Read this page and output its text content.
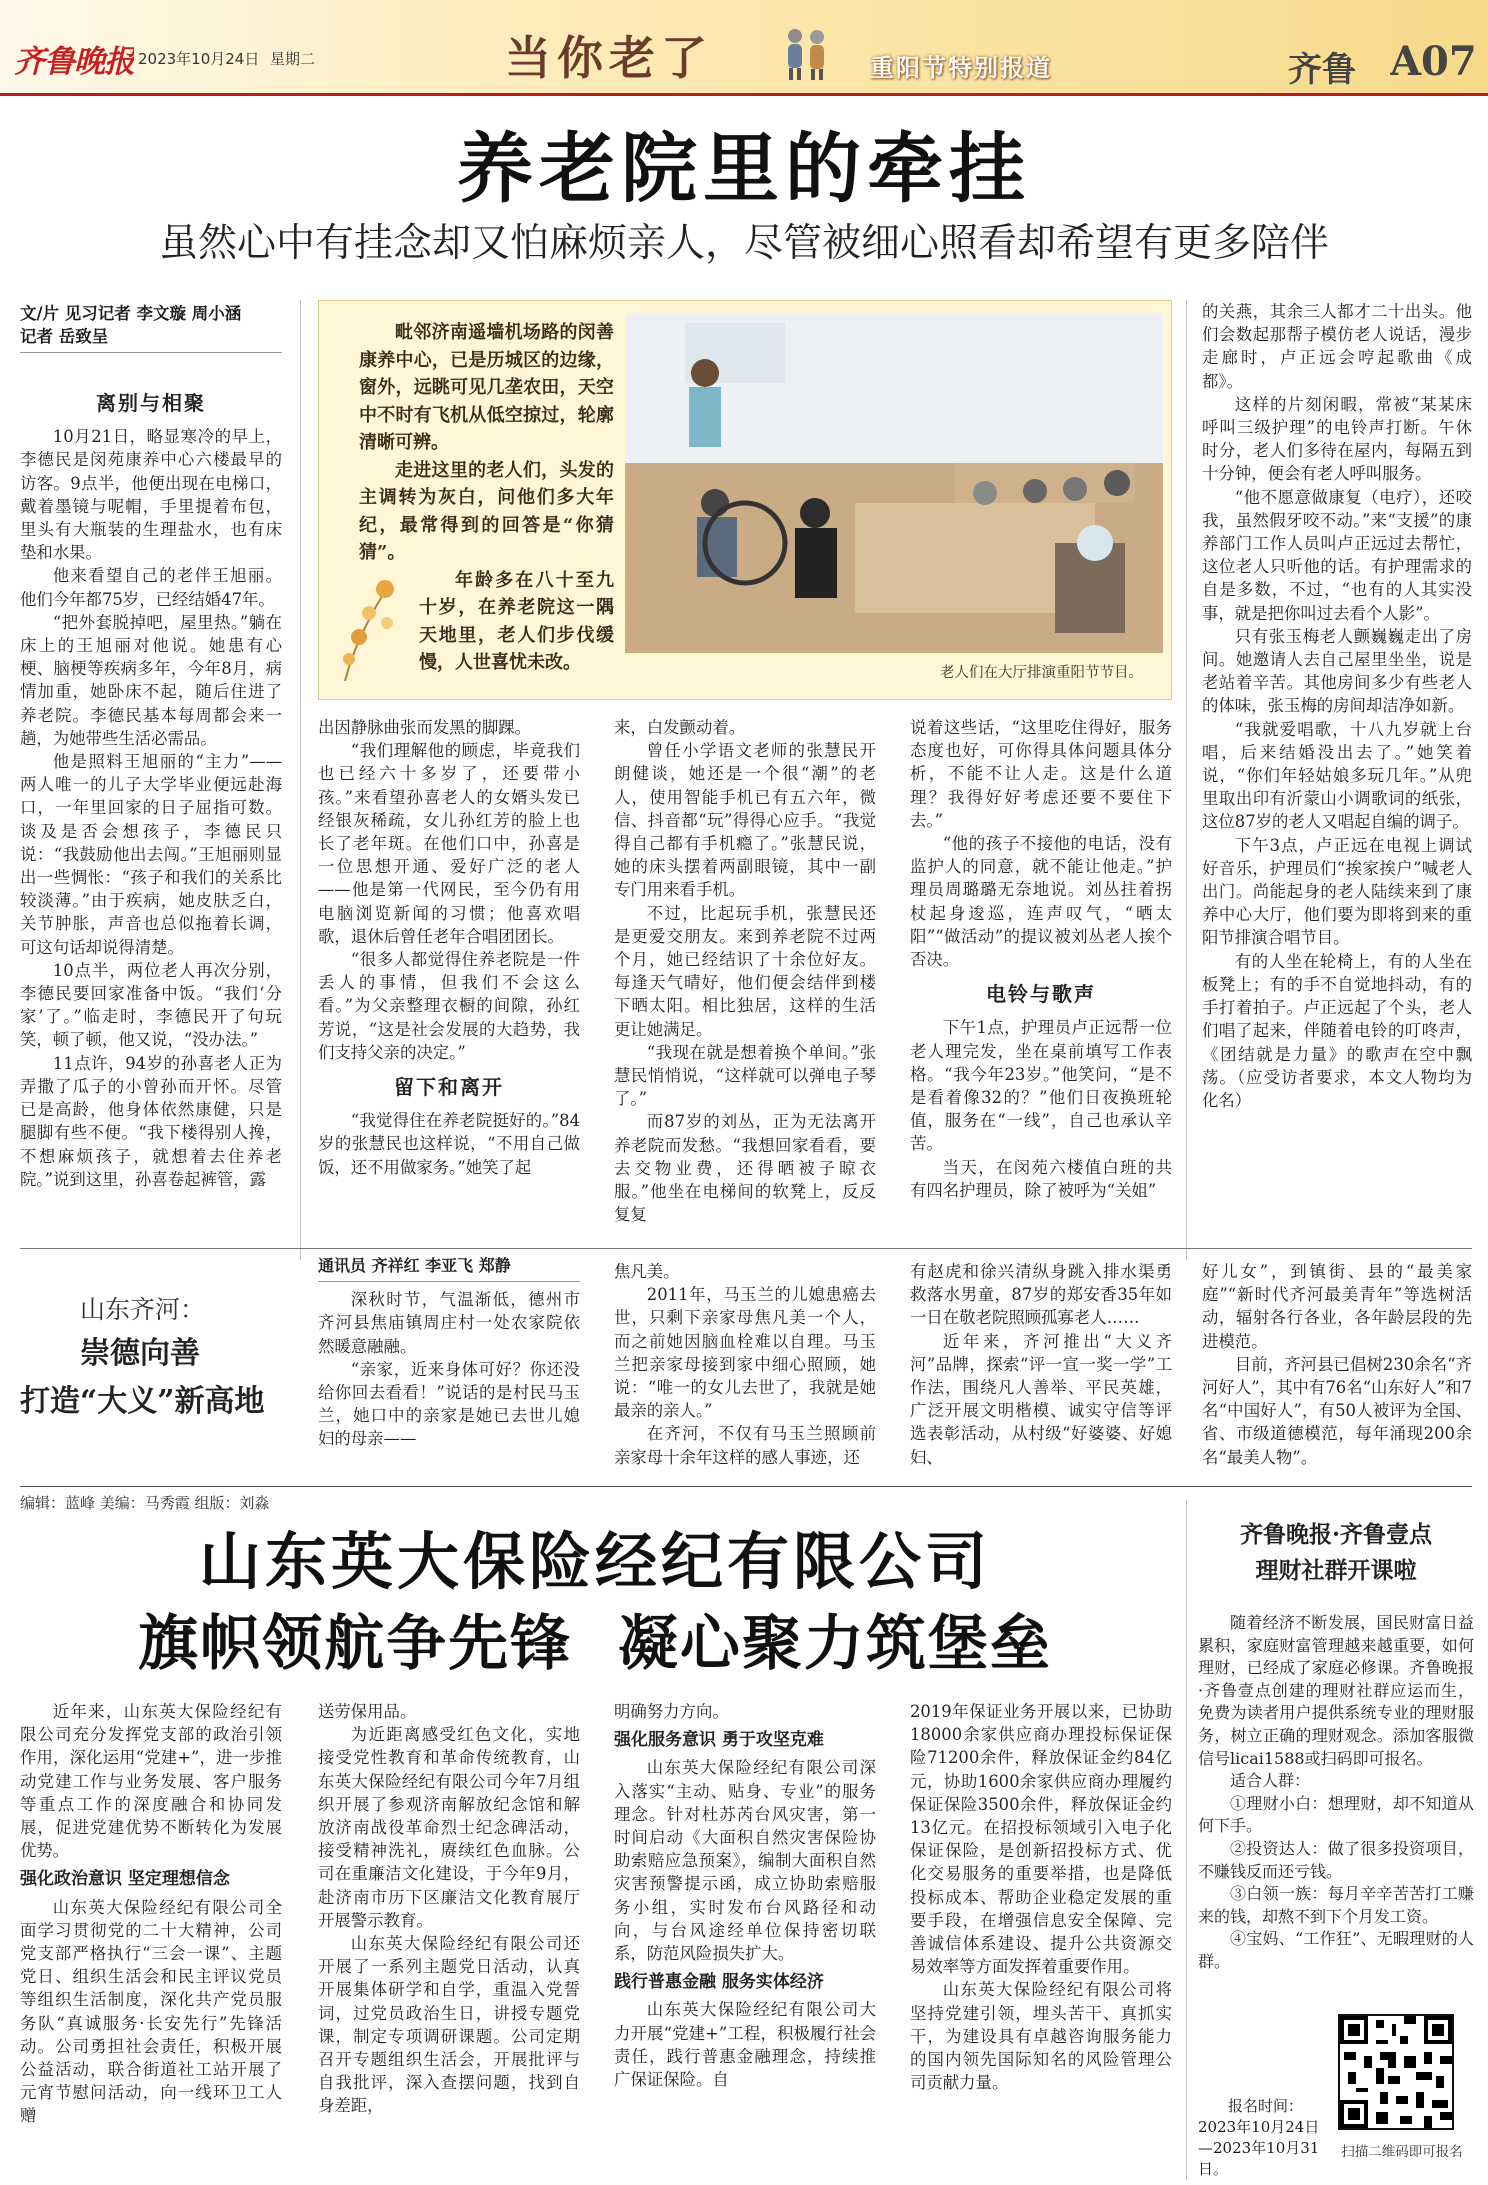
齐鲁晚报 2023年10月24日 星期二	当你老了	重阳节特别报道	齐鲁 A07
养老院里的牵挂
虽然心中有挂念却又怕麻烦亲人，尽管被细心照看却希望有更多陪伴
文/片 见习记者 李文璇 周小涵
记者 岳致呈	毗邻济南遥墙机场路的闵善康养中心，已是历城区的边缘，窗外，远眺可见几垄农田，天空中不时有飞机从低空掠过，轮廓清晰可辨。

走进这里的老人们，头发的主调转为灰白，问他们多大年纪，最常得到的回答是“你猜猜”。

年龄多在八十至九十岁，在养老院这一隅天地里，老人们步伐缓慢，人世喜忧未改。	老人们在大厅排演重阳节节目。
离别与相聚

10月21日，略显寒冷的早上，李德民是闵苑康养中心六楼最早的访客。9点半，他便出现在电梯口，戴着墨镜与呢帽，手里提着布包，里头有大瓶装的生理盐水，也有床垫和水果。

他来看望自己的老伴王旭丽。他们今年都75岁，已经结婚47年。

“把外套脱掉吧，屋里热。”躺在床上的王旭丽对他说。她患有心梗、脑梗等疾病多年，今年8月，病情加重，她卧床不起，随后住进了养老院。李德民基本每周都会来一趟，为她带些生活必需品。

他是照料王旭丽的“主力”——两人唯一的儿子大学毕业便远赴海口，一年里回家的日子屈指可数。谈及是否会想孩子，李德民只说：“我鼓励他出去闯。”王旭丽则显出一些惆怅：“孩子和我们的关系比较淡薄。”由于疾病，她皮肤乏白，关节肿胀，声音也总似拖着长调，可这句话却说得清楚。

10点半，两位老人再次分别，李德民要回家准备中饭。“我们‘分家’了。”临走时，李德民开了句玩笑，顿了顿，他又说，“没办法。”

11点许，94岁的孙喜老人正为弄撒了瓜子的小曾孙而开怀。尽管已是高龄，他身体依然康健，只是腿脚有些不便。“我下楼得别人搀，不想麻烦孩子，就想着去住养老院。”说到这里，孙喜卷起裤管，露

出因静脉曲张而发黑的脚踝。

“我们理解他的顾虑，毕竟我们也已经六十多岁了，还要带小孩。”来看望孙喜老人的女婿头发已经银灰稀疏，女儿孙红芳的脸上也长了老年斑。在他们口中，孙喜是一位思想开通、爱好广泛的老人——他是第一代网民，至今仍有用电脑浏览新闻的习惯；他喜欢唱歌，退休后曾任老年合唱团团长。

“很多人都觉得住养老院是一件丢人的事情，但我们不会这么看。”为父亲整理衣橱的间隙，孙红芳说，“这是社会发展的大趋势，我们支持父亲的决定。”

留下和离开

“我觉得住在养老院挺好的。”84岁的张慧民也这样说，“不用自己做饭，还不用做家务。”她笑了起

来，白发颤动着。

曾任小学语文老师的张慧民开朗健谈，她还是一个很“潮”的老人，使用智能手机已有五六年，微信、抖音都“玩”得得心应手。“我觉得自己都有手机瘾了。”张慧民说，她的床头摆着两副眼镜，其中一副专门用来看手机。

不过，比起玩手机，张慧民还是更爱交朋友。来到养老院不过两个月，她已经结识了十余位好友。每逢天气晴好，他们便会结伴到楼下晒太阳。相比独居，这样的生活更让她满足。

“我现在就是想着换个单间。”张慧民悄悄说，“这样就可以弹电子琴了。”

而87岁的刘丛，正为无法离开养老院而发愁。“我想回家看看，要去交物业费，还得晒被子晾衣服。”他坐在电梯间的软凳上，反反复复

说着这些话，“这里吃住得好，服务态度也好，可你得具体问题具体分析，不能不让人走。这是什么道理？我得好好考虑还要不要住下去。”

“他的孩子不接他的电话，没有监护人的同意，就不能让他走。”护理员周璐璐无奈地说。刘丛拄着拐杖起身逡巡，连声叹气，“晒太阳”“做活动”的提议被刘丛老人挨个否决。

电铃与歌声

下午1点，护理员卢正远帮一位老人理完发，坐在桌前填写工作表格。“我今年23岁。”他笑问，“是不是看着像32的？”他们日夜换班轮值，服务在“一线”，自己也承认辛苦。

当天，在闵苑六楼值白班的共有四名护理员，除了被呼为“关姐”

的关燕，其余三人都才二十出头。他们会数起那帮子模仿老人说话，漫步走廊时，卢正远会哼起歌曲《成都》。

这样的片刻闲暇，常被“某某床呼叫三级护理”的电铃声打断。午休时分，老人们多待在屋内，每隔五到十分钟，便会有老人呼叫服务。

“他不愿意做康复（电疗），还咬我，虽然假牙咬不动。”来“支援”的康养部门工作人员叫卢正远过去帮忙，这位老人只听他的话。有护理需求的自是多数，不过，“也有的人其实没事，就是把你叫过去看个人影”。

只有张玉梅老人颤巍巍走出了房间。她邀请人去自己屋里坐坐，说是老站着辛苦。其他房间多少有些老人的体味，张玉梅的房间却洁净如新。

“我就爱唱歌，十八九岁就上台唱，后来结婚没出去了。”她笑着说，“你们年轻姑娘多玩几年。”从兜里取出印有沂蒙山小调歌词的纸张，这位87岁的老人又唱起自编的调子。

下午3点，卢正远在电视上调试好音乐，护理员们“挨家挨户”喊老人出门。尚能起身的老人陆续来到了康养中心大厅，他们要为即将到来的重阳节排演合唱节目。

有的人坐在轮椅上，有的人坐在板凳上；有的手不自觉地抖动，有的手打着拍子。卢正远起了个头，老人们唱了起来，伴随着电铃的叮咚声，《团结就是力量》的歌声在空中飘荡。（应受访者要求，本文人物均为化名）

山东齐河：
崇德向善
打造“大义”新高地
通讯员 齐祥红 李亚飞 郑静

深秋时节，气温渐低，德州市齐河县焦庙镇周庄村一处农家院依然暖意融融。

“亲家，近来身体可好？你还没给你回去看看！”说话的是村民马玉兰，她口中的亲家是她已去世儿媳妇的母亲——

焦凡美。

2011年，马玉兰的儿媳患癌去世，只剩下亲家母焦凡美一个人，而之前她因脑血栓难以自理。马玉兰把亲家母接到家中细心照顾，她说：“唯一的女儿去世了，我就是她最亲的亲人。”

在齐河，不仅有马玉兰照顾前亲家母十余年这样的感人事迹，还

有赵虎和徐兴清纵身跳入排水渠勇救落水男童，87岁的郑安香35年如一日在敬老院照顾孤寡老人……

近年来，齐河推出“大义齐河”品牌，探索“评一宣一奖一学”工作法，围绕凡人善举、平民英雄，广泛开展文明楷模、诚实守信等评选表彰活动，从村级“好婆婆、好媳妇、

好儿女”，到镇街、县的“最美家庭”“新时代齐河最美青年”等选树活动，辐射各行各业，各年龄层段的先进模范。

目前，齐河县已倡树230余名“齐河好人”，其中有76名“山东好人”和7名“中国好人”，有50人被评为全国、省、市级道德模范，每年涌现200余名“最美人物”。

编辑：蓝峰 美编：马秀霞 组版：刘淼
山东英大保险经纪有限公司
旗帜领航争先锋  凝心聚力筑堡垒

近年来，山东英大保险经纪有限公司充分发挥党支部的政治引领作用，深化运用“党建+”，进一步推动党建工作与业务发展、客户服务等重点工作的深度融合和协同发展，促进党建优势不断转化为发展优势。

强化政治意识 坚定理想信念

山东英大保险经纪有限公司全面学习贯彻党的二十大精神，公司党支部严格执行“三会一课”、主题党日、组织生活会和民主评议党员等组织生活制度，深化共产党员服务队“真诚服务·长安先行”先锋活动。公司勇担社会责任，积极开展公益活动，联合街道社工站开展了元宵节慰问活动，向一线环卫工人赠

送劳保用品。

为近距离感受红色文化，实地接受党性教育和革命传统教育，山东英大保险经纪有限公司今年7月组织开展了参观济南解放纪念馆和解放济南战役革命烈士纪念碑活动，接受精神洗礼，赓续红色血脉。公司在重廉洁文化建设，于今年9月，赴济南市历下区廉洁文化教育展厅开展警示教育。

山东英大保险经纪有限公司还开展了一系列主题党日活动，认真开展集体研学和自学，重温入党誓词，过党员政治生日，讲授专题党课，制定专项调研课题。公司定期召开专题组织生活会，开展批评与自我批评，深入查摆问题，找到自身差距，

明确努力方向。

强化服务意识 勇于攻坚克难

山东英大保险经纪有限公司深入落实“主动、贴身、专业”的服务理念。针对杜苏芮台风灾害，第一时间启动《大面积自然灾害保险协助索赔应急预案》，编制大面积自然灾害预警提示函，成立协助索赔服务小组，实时发布台风路径和动向，与台风途经单位保持密切联系，防范风险损失扩大。

践行普惠金融 服务实体经济

山东英大保险经纪有限公司大力开展“党建+”工程，积极履行社会责任，践行普惠金融理念，持续推广保证保险。自

2019年保证业务开展以来，已协助18000余家供应商办理投标保证保险71200余件，释放保证金约84亿元，协助1600余家供应商办理履约保证保险3500余件，释放保证金约13亿元。在招投标领域引入电子化保证保险，是创新招投标方式、优化交易服务的重要举措，也是降低投标成本、帮助企业稳定发展的重要手段，在增强信息安全保障、完善诚信体系建设、提升公共资源交易效率等方面发挥着重要作用。

山东英大保险经纪有限公司将坚持党建引领，埋头苦干、真抓实干，为建设具有卓越咨询服务能力的国内领先国际知名的风险管理公司贡献力量。

齐鲁晚报·齐鲁壹点
理财社群开课啦

随着经济不断发展，国民财富日益累积，家庭财富管理越来越重要，如何理财，已经成了家庭必修课。齐鲁晚报·齐鲁壹点创建的理财社群应运而生，免费为读者用户提供系统专业的理财服务，树立正确的理财观念。添加客服微信号licai1588或扫码即可报名。

适合人群：

①理财小白：想理财，却不知道从何下手。

②投资达人：做了很多投资项目，不赚钱反而还亏钱。

③白领一族：每月辛辛苦苦打工赚来的钱，却熬不到下个月发工资。

④宝妈、“工作狂”、无暇理财的人群。

报名时间：
2023年10月24日—2023年10月31日。
扫描二维码即可报名
